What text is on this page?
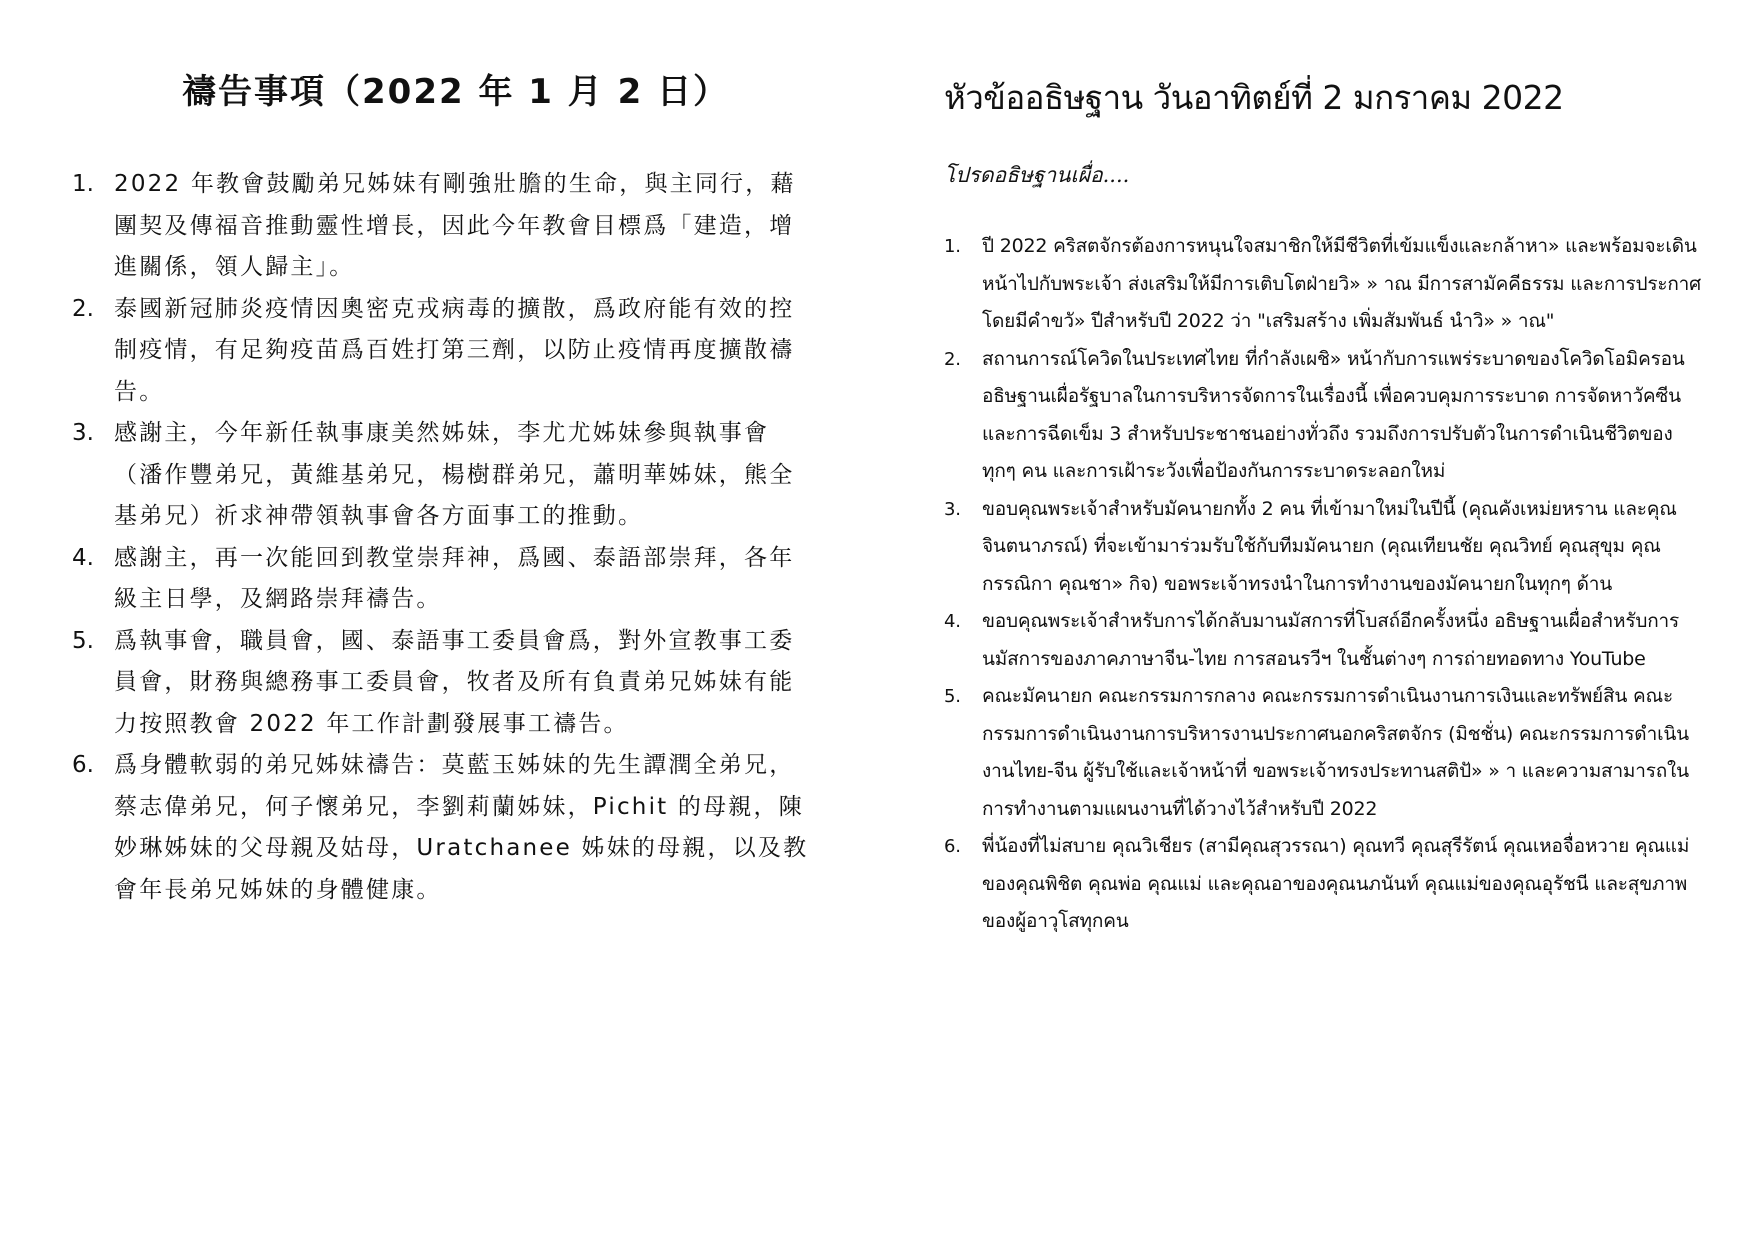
禱告事項（2022 年 1 月 2 日）
1. 2022 年教會鼓勵弟兄姊妹有剛強壯膽的生命，與主同行，藉團契及傳福音推動靈性增長，因此今年教會目標爲「建造，增進關係，領人歸主」。
2. 泰國新冠肺炎疫情因奧密克戎病毒的擴散，爲政府能有效的控制疫情，有足夠疫苗爲百姓打第三劑，以防止疫情再度擴散禱告。
3. 感謝主，今年新任執事康美然姊妹，李尤尤姊妹參與執事會（潘作豐弟兄，黃維基弟兄，楊樹群弟兄，蕭明華姊妹，熊全基弟兄）祈求神帶領執事會各方面事工的推動。
4. 感謝主，再一次能回到教堂崇拜神，爲國、泰語部崇拜，各年級主日學，及網路崇拜禱告。
5. 爲執事會，職員會，國、泰語事工委員會爲，對外宣教事工委員會，財務與總務事工委員會，牧者及所有負責弟兄姊妹有能力按照教會 2022 年工作計劃發展事工禱告。
6. 爲身體軟弱的弟兄姊妹禱告：莫藍玉姊妹的先生譚潤全弟兄，蔡志偉弟兄，何子懷弟兄，李劉莉蘭姊妹，Pichit 的母親，陳妙琳姊妹的父母親及姑母，Uratchanee 姊妹的母親，以及教會年長弟兄姊妹的身體健康。
หัวข้ออธิษฐาน วันอาทิตย์ที่ 2 มกราคม 2022

โปรดอธิษฐานเผื่อ....

1. ปี 2022 คริสตจักรต้องการหนุนใจสมาชิกให้มีชีวิตที่เข้มแข็งและกล้าหา» และพร้อมจะเดินหน้าไปกับพระเจ้า ส่งเสริมให้มีการเติบโตฝ่ายวิ» » าณ มีการสามัคคีธรรม และการประกาศ โดยมีคำขวั» ปีสำหรับปี 2022 ว่า "เสริมสร้าง เพิ่มสัมพันธ์ นำวิ» » าณ"
2. สถานการณ์โควิดในประเทศไทย ที่กำลังเผชิ» หน้ากับการแพร่ระบาดของโควิดโอมิครอน อธิษฐานเผื่อรัฐบาลในการบริหารจัดการในเรื่องนี้ เพื่อควบคุมการระบาด การจัดหาวัคซีนและการฉีดเข็ม 3 สำหรับประชาชนอย่างทั่วถึง รวมถึงการปรับตัวในการดำเนินชีวิตของทุกๆ คน และการเฝ้าระวังเพื่อป้องกันการระบาดระลอกใหม่
3. ขอบคุณพระเจ้าสำหรับมัคนายกทั้ง 2 คน ที่เข้ามาใหม่ในปีนี้ (คุณคังเหม่ยหราน และคุณจินตนาภรณ์) ที่จะเข้ามาร่วมรับใช้กับทีมมัคนายก (คุณเทียนชัย คุณวิทย์ คุณสุขุม คุณกรรณิกา คุณชา» กิจ) ขอพระเจ้าทรงนำในการทำงานของมัคนายกในทุกๆ ด้าน
4. ขอบคุณพระเจ้าสำหรับการได้กลับมานมัสการที่โบสถ์อีกครั้งหนึ่ง อธิษฐานเผื่อสำหรับการนมัสการของภาคภาษาจีน-ไทย การสอนรวีฯ ในชั้นต่างๆ การถ่ายทอดทาง YouTube
5. คณะมัคนายก คณะกรรมการกลาง คณะกรรมการดำเนินงานการเงินและทรัพย์สิน คณะกรรมการดำเนินงานการบริหารงานประกาศนอกคริสตจักร (มิชชั่น) คณะกรรมการดำเนินงานไทย-จีน ผู้รับใช้และเจ้าหน้าที่ ขอพระเจ้าทรงประทานสติปั» » า และความสามารถในการทำงานตามแผนงานที่ได้วางไว้สำหรับปี 2022
6. พี่น้องที่ไม่สบาย คุณวิเชียร (สามีคุณสุวรรณา) คุณทวี คุณสุรีรัตน์ คุณเหอจื่อหวาย คุณแม่ของคุณพิชิต คุณพ่อ คุณแม่ และคุณอาของคุณนภนันท์ คุณแม่ของคุณอุรัชนี และสุขภาพของผู้อาวุโสทุกคน
